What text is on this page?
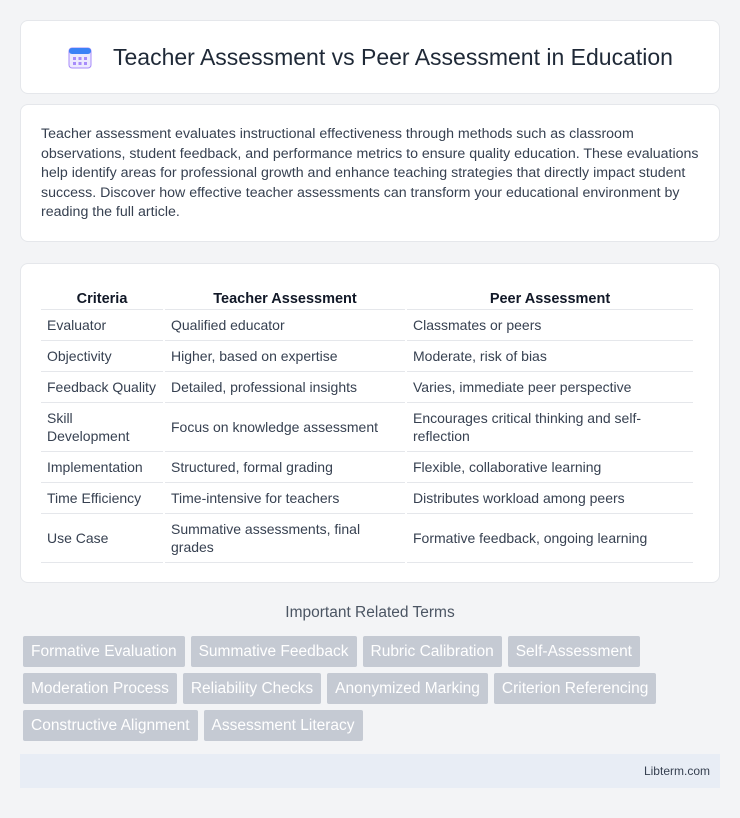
Teacher Assessment vs Peer Assessment in Education

Teacher assessment evaluates instructional effectiveness through methods such as classroom observations, student feedback, and performance metrics to ensure quality education. These evaluations help identify areas for professional growth and enhance teaching strategies that directly impact student success. Discover how effective teacher assessments can transform your educational environment by reading the full article.

Criteria	Teacher Assessment	Peer Assessment
Evaluator	Qualified educator	Classmates or peers
Objectivity	Higher, based on expertise	Moderate, risk of bias
Feedback Quality	Detailed, professional insights	Varies, immediate peer perspective
Skill Development	Focus on knowledge assessment	Encourages critical thinking and self-reflection
Implementation	Structured, formal grading	Flexible, collaborative learning
Time Efficiency	Time-intensive for teachers	Distributes workload among peers
Use Case	Summative assessments, final grades	Formative feedback, ongoing learning
Important Related Terms
Formative Evaluation	Summative Feedback	Rubric Calibration	Self-Assessment
Moderation Process	Reliability Checks	Anonymized Marking	Criterion Referencing
Constructive Alignment	Assessment Literacy
Libterm.com
